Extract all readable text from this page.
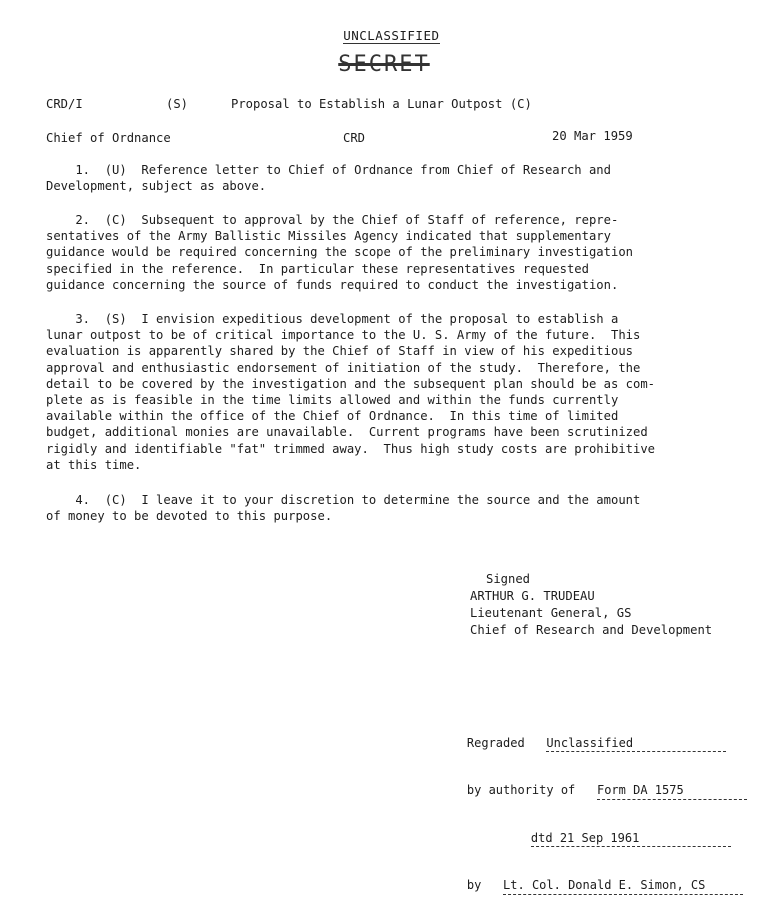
UNCLASSIFIED

SECRET

CRD/I	(S)	Proposal to Establish a Lunar Outpost (C)
Chief of Ordnance	CRD	20 Mar 1959
1.  (U)  Reference letter to Chief of Ordnance from Chief of Research and
Development, subject as above.
2.  (C)  Subsequent to approval by the Chief of Staff of reference, repre-
sentatives of the Army Ballistic Missiles Agency indicated that supplementary
guidance would be required concerning the scope of the preliminary investigation
specified in the reference.  In particular these representatives requested
guidance concerning the source of funds required to conduct the investigation.
3.  (S)  I envision expeditious development of the proposal to establish a
lunar outpost to be of critical importance to the U. S. Army of the future.  This
evaluation is apparently shared by the Chief of Staff in view of his expeditious
approval and enthusiastic endorsement of initiation of the study.  Therefore, the
detail to be covered by the investigation and the subsequent plan should be as com-
plete as is feasible in the time limits allowed and within the funds currently
available within the office of the Chief of Ordnance.  In this time of limited
budget, additional monies are unavailable.  Current programs have been scrutinized
rigidly and identifiable "fat" trimmed away.  Thus high study costs are prohibitive
at this time.
4.  (C)  I leave it to your discretion to determine the source and the amount
of money to be devoted to this purpose.
Signed
ARTHUR G. TRUDEAU
Lieutenant General, GS
Chief of Research and Development

Regraded Unclassified

by authority of Form DA 1575

dtd 21 Sep 1961

by Lt. Col. Donald E. Simon, CS
